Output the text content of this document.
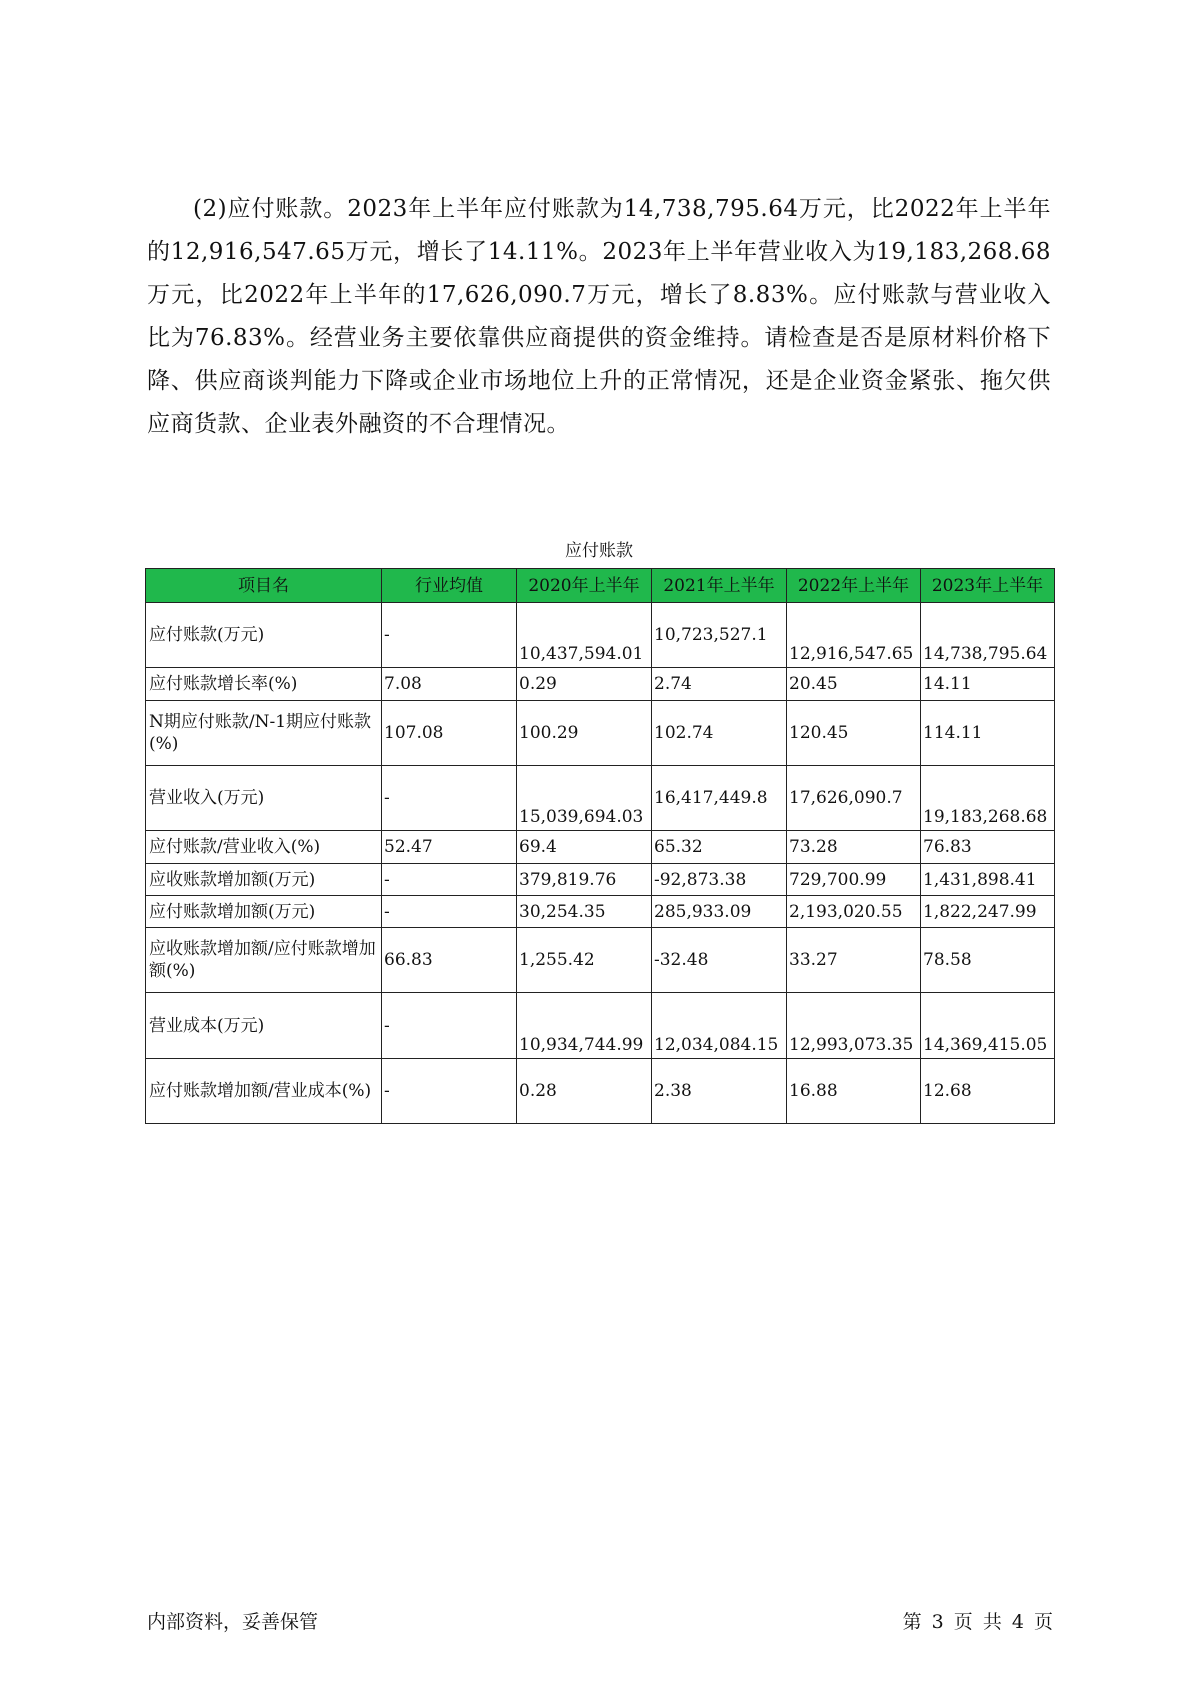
(2)应付账款。2023年上半年应付账款为14,738,795.64万元，比2022年上半年的12,916,547.65万元，增长了14.11%。2023年上半年营业收入为19,183,268.68万元，比2022年上半年的17,626,090.7万元，增长了8.83%。应付账款与营业收入比为76.83%。经营业务主要依靠供应商提供的资金维持。请检查是否是原材料价格下降、供应商谈判能力下降或企业市场地位上升的正常情况，还是企业资金紧张、拖欠供应商货款、企业表外融资的不合理情况。

应付账款
项目名	行业均值	2020年上半年	2021年上半年	2022年上半年	2023年上半年
应付账款(万元)	-	10,437,594.01	10,723,527.1	12,916,547.65	14,738,795.64
应付账款增长率(%)	7.08	0.29	2.74	20.45	14.11
N期应付账款/N-1期应付账款(%)	107.08	100.29	102.74	120.45	114.11
营业收入(万元)	-	15,039,694.03	16,417,449.8	17,626,090.7	19,183,268.68
应付账款/营业收入(%)	52.47	69.4	65.32	73.28	76.83
应收账款增加额(万元)	-	379,819.76	-92,873.38	729,700.99	1,431,898.41
应付账款增加额(万元)	-	30,254.35	285,933.09	2,193,020.55	1,822,247.99
应收账款增加额/应付账款增加额(%)	66.83	1,255.42	-32.48	33.27	78.58
营业成本(万元)	-	10,934,744.99	12,034,084.15	12,993,073.35	14,369,415.05
应付账款增加额/营业成本(%)	-	0.28	2.38	16.88	12.68
内部资料，妥善保管	第 3 页 共 4 页
